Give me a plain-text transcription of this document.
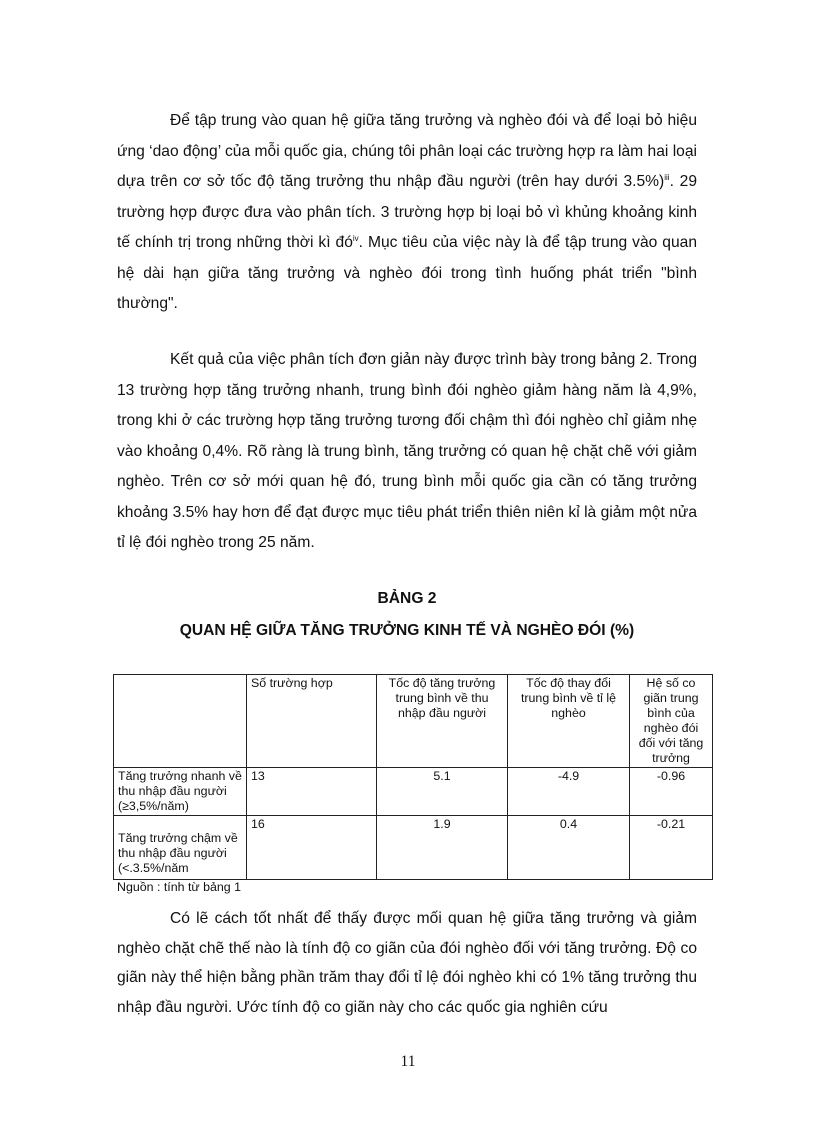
Để tập trung vào quan hệ giữa tăng trưởng và nghèo đói và để loại bỏ hiệu ứng ‘dao động’ của mỗi quốc gia, chúng tôi phân loại các trường hợp ra làm hai loại dựa trên cơ sở tốc độ tăng trưởng thu nhập đầu người (trên hay dưới 3.5%)$^{iii}$. 29 trường hợp được đưa vào phân tích. 3 trường hợp bị loại bỏ vì khủng khoảng kinh tế chính trị trong những thời kì $đó^{iv}$. Mục tiêu của việc này là để tập trung vào quan hệ dài hạn giữa tăng trưởng và nghèo đói trong tình huống phát triển "bình thường".

Kết quả của việc phân tích đơn giản này được trình bày trong bảng 2. Trong 13 trường hợp tăng trưởng nhanh, trung bình đói nghèo giảm hàng năm là 4,9%, trong khi ở các trường hợp tăng trưởng tương đối chậm thì đói nghèo chỉ giảm nhẹ vào khoảng 0,4%. Rõ ràng là trung bình, tăng trưởng có quan hệ chặt chẽ với giảm nghèo. Trên cơ sở mới quan hệ đó, trung bình mỗi quốc gia cần có tăng trưởng khoảng 3.5% hay hơn để đạt được mục tiêu phát triển thiên niên kỉ là giảm một nửa tỉ lệ đói nghèo trong 25 năm.

BẢNG 2

QUAN HỆ GIỮA TĂNG TRƯỞNG KINH TẾ VÀ NGHÈO ĐÓI (%)

	Số trường hợp	Tốc độ tăng trưởng trung bình về thu nhập đầu người	Tốc độ thay đổi trung bình về tỉ lệ nghèo	Hệ số co giãn trung bình của nghèo đói đối với tăng trưởng
Tăng trưởng nhanh về thu nhập đầu người (≥3,5%/năm)	13	5.1	-4.9	-0.96

Tăng trưởng chậm về thu nhập đầu người (<.3.5%/năm	16	1.9	0.4	-0.21

Nguồn : tính từ bảng 1

Có lẽ cách tốt nhất để thấy được mối quan hệ giữa tăng trưởng và giảm nghèo chặt chẽ thế nào là tính độ co giãn của đói nghèo đối với tăng trưởng. Độ co giãn này thể hiện bằng phần trăm thay đổi tỉ lệ đói nghèo khi có 1% tăng trưởng thu nhập đầu người. Ước tính độ co giãn này cho các quốc gia nghiên cứu

11
